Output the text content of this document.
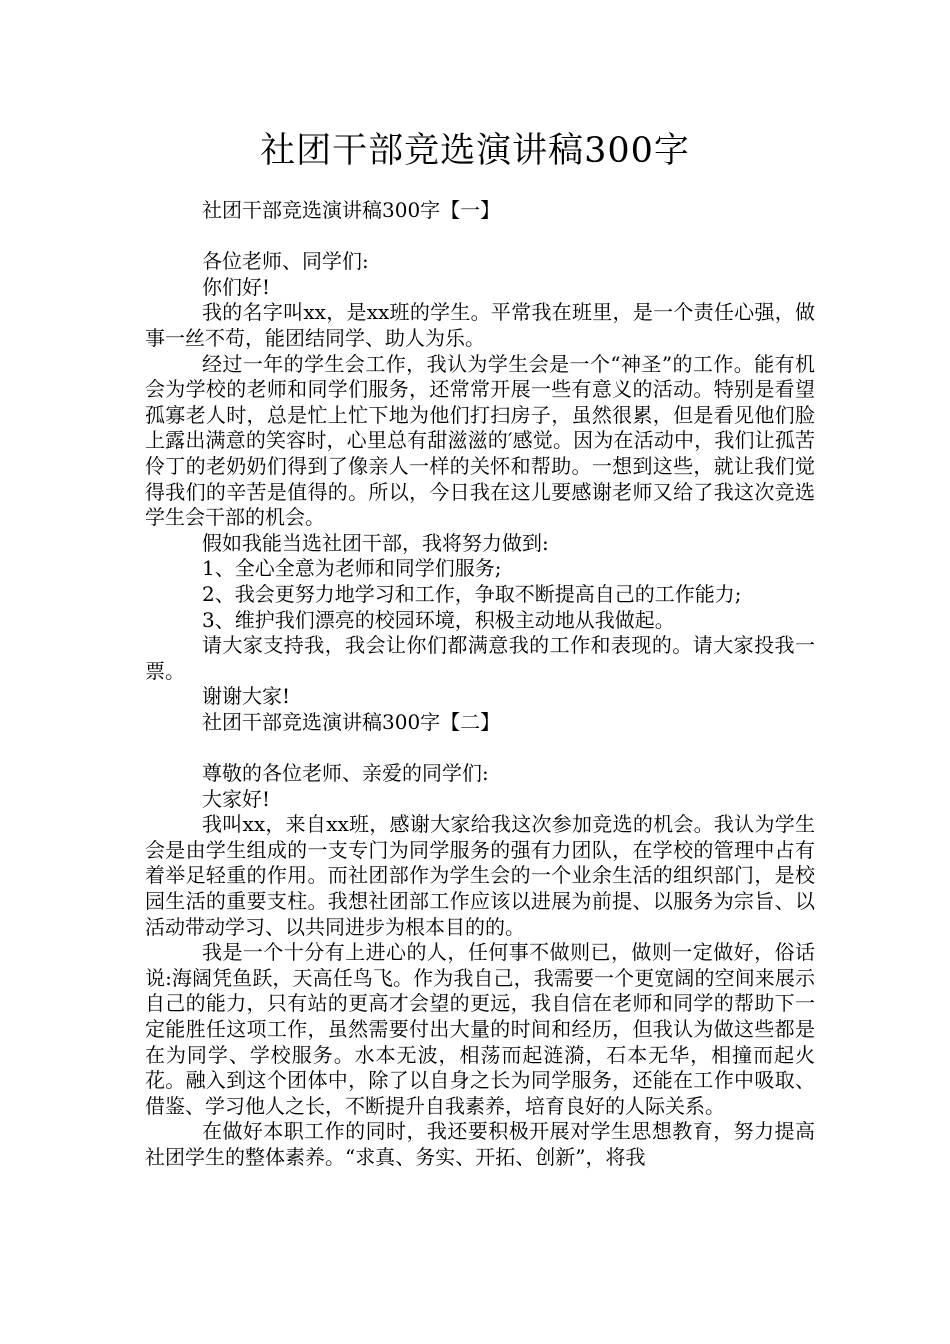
社团干部竞选演讲稿300字

社团干部竞选演讲稿300字【一】

各位老师、同学们:

你们好!

我的名字叫xx，是xx班的学生。平常我在班里，是一个责任心强，做事一丝不苟，能团结同学、助人为乐。

经过一年的学生会工作，我认为学生会是一个“神圣”的工作。能有机会为学校的老师和同学们服务，还常常开展一些有意义的活动。特别是看望孤寡老人时，总是忙上忙下地为他们打扫房子，虽然很累，但是看见他们脸上露出满意的笑容时，心里总有甜滋滋的′感觉。因为在活动中，我们让孤苦伶丁的老奶奶们得到了像亲人一样的关怀和帮助。一想到这些，就让我们觉得我们的辛苦是值得的。所以，今日我在这儿要感谢老师又给了我这次竞选学生会干部的机会。

假如我能当选社团干部，我将努力做到:

1、全心全意为老师和同学们服务;

2、我会更努力地学习和工作，争取不断提高自己的工作能力;

3、维护我们漂亮的校园环境，积极主动地从我做起。

请大家支持我，我会让你们都满意我的工作和表现的。请大家投我一票。

谢谢大家!

社团干部竞选演讲稿300字【二】

尊敬的各位老师、亲爱的同学们:

大家好!

我叫xx，来自xx班，感谢大家给我这次参加竞选的机会。我认为学生会是由学生组成的一支专门为同学服务的强有力团队，在学校的管理中占有着举足轻重的作用。而社团部作为学生会的一个业余生活的组织部门，是校园生活的重要支柱。我想社团部工作应该以进展为前提、以服务为宗旨、以活动带动学习、以共同进步为根本目的的。

我是一个十分有上进心的人，任何事不做则已，做则一定做好，俗话说:海阔凭鱼跃，天高任鸟飞。作为我自己，我需要一个更宽阔的空间来展示自己的能力，只有站的更高才会望的更远，我自信在老师和同学的帮助下一定能胜任这项工作，虽然需要付出大量的时间和经历，但我认为做这些都是在为同学、学校服务。水本无波，相荡而起涟漪，石本无华，相撞而起火花。融入到这个团体中，除了以自身之长为同学服务，还能在工作中吸取、借鉴、学习他人之长，不断提升自我素养，培育良好的人际关系。

在做好本职工作的同时，我还要积极开展对学生思想教育，努力提高社团学生的整体素养。“求真、务实、开拓、创新”，将我
